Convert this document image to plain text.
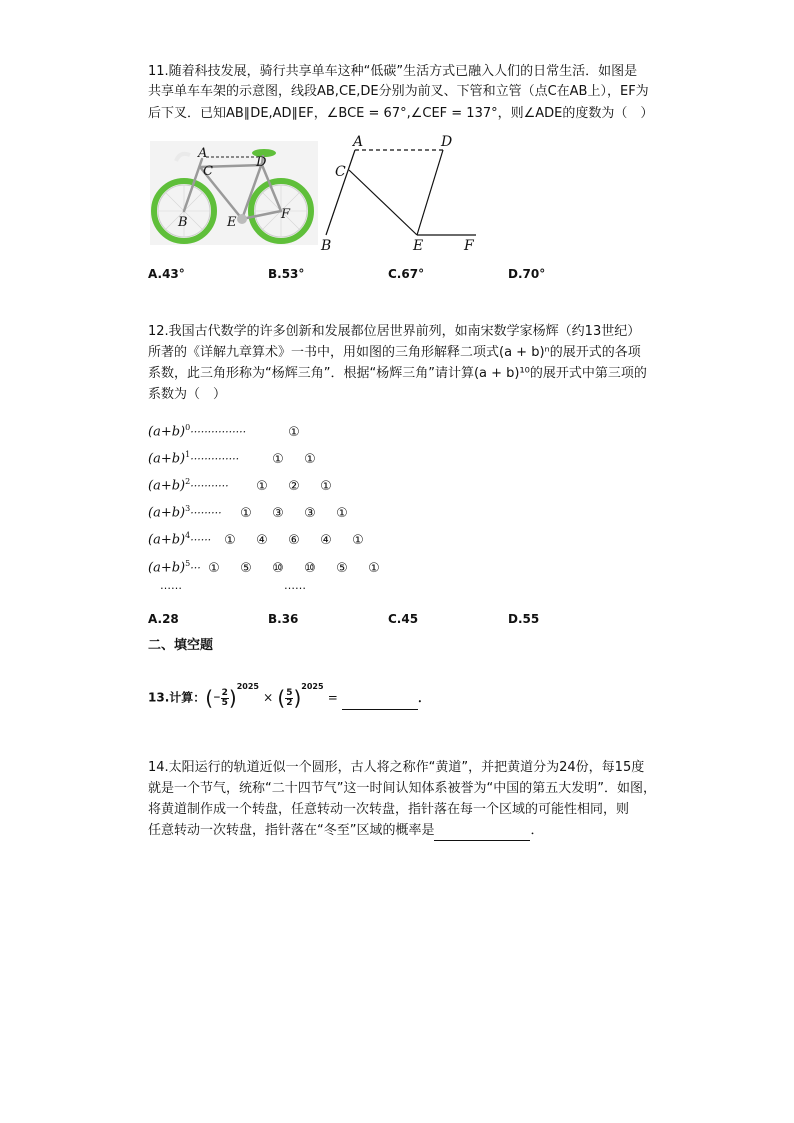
11.随着科技发展，骑行共享单车这种“低碳”生活方式已融入人们的日常生活．如图是
共享单车车架的示意图，线段AB,CE,DE分别为前叉、下管和立管（点C在AB上），EF为
后下叉．已知AB∥DE,AD∥EF，∠BCE = 67°,∠CEF = 137°，则∠ADE的度数为（　）
A
D
C
B	E
F
A	D
C
B	E	F
A.43°	B.53°	C.67°	D.70°
12.我国古代数学的许多创新和发展都位居世界前列，如南宋数学家杨辉（约13世纪）
所著的《详解九章算术》一书中，用如图的三角形解释二项式(a + b)ⁿ的展开式的各项
系数，此三角形称为“杨辉三角”．根据“杨辉三角”请计算(a + b)¹⁰的展开式中第三项的
系数为（　）
$(a+b)^0\cdot\cdot\cdot\cdot\cdot\cdot\cdot\cdot\cdot\cdot\cdot\cdot\cdot\cdot\cdot\cdot$	①
$(a+b)^1\cdot\cdot\cdot\cdot\cdot\cdot\cdot\cdot\cdot\cdot\cdot\cdot\cdot\cdot$	① ①
$(a+b)^2\cdot\cdot\cdot\cdot\cdot\cdot\cdot\cdot\cdot\cdot\cdot$ ① ② ①
$(a+b)^3\cdot\cdot\cdot\cdot\cdot\cdot\cdot\cdot\cdot$ ① ③ ③ ①
$(a+b)^4\cdot\cdot\cdot\cdot\cdot\cdot$ ① ④ ⑥ ④ ①
$(a+b)^5\cdot\cdot\cdot$ ① ⑤ ⑩ ⑩ ⑤ ①
……	……
A.28	B.36	C.45	D.55
二、填空题
13.计算：(− $\frac{2}{5} )^{2025}$ × ( $\frac{5}{2} )^{2025}$ =	．
14.太阳运行的轨道近似一个圆形，古人将之称作“黄道”，并把黄道分为24份，每15度
就是一个节气，统称“二十四节气”这一时间认知体系被誉为“中国的第五大发明”．如图，
将黄道制作成一个转盘，任意转动一次转盘，指针落在每一个区域的可能性相同，则
任意转动一次转盘，指针落在“冬至”区域的概率是	．
